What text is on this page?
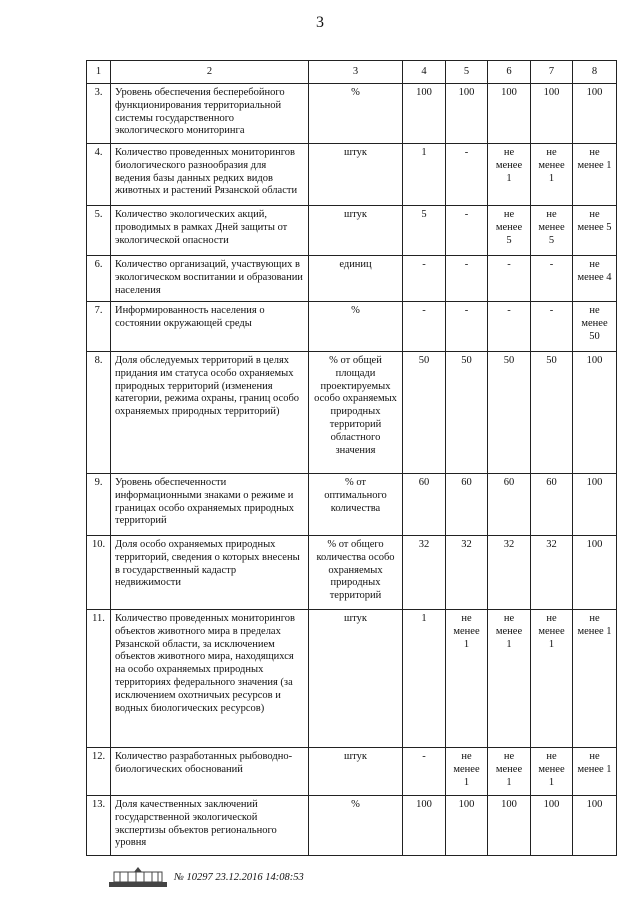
3
1	2	3	4	5	6	7	8
3.	Уровень обеспечения бесперебойного функционирования территориальной системы государственного экологического мониторинга	%	100	100	100	100	100
4.	Количество проведенных мониторингов биологического разнообразия для ведения базы данных редких видов животных и растений Рязанской области	штук	1	-	не менее 1	не менее 1	не менее 1
5.	Количество экологических акций, проводимых в рамках Дней защиты от экологической опасности	штук	5	-	не менее 5	не менее 5	не менее 5
6.	Количество организаций, участвующих в экологическом воспитании и образовании населения	единиц	-	-	-	-	не менее 4
7.	Информированность населения о состоянии окружающей среды	%	-	-	-	-	не менее 50
8.	Доля обследуемых территорий в целях придания им статуса особо охраняемых природных территорий (изменения категории, режима охраны, границ особо охраняемых природных территорий)	% от общей площади проектируемых особо охраняемых природных территорий областного значения	50	50	50	50	100
9.	Уровень обеспеченности информационными знаками о режиме и границах особо охраняемых природных территорий	% от оптимального количества	60	60	60	60	100
10.	Доля особо охраняемых природных территорий, сведения о которых внесены в государственный кадастр недвижимости	% от общего количества особо охраняемых природных территорий	32	32	32	32	100
11.	Количество проведенных мониторингов объектов животного мира в пределах Рязанской области, за исключением объектов животного мира, находящихся на особо охраняемых природных территориях федерального значения (за исключением охотничьих ресурсов и водных биологических ресурсов)	штук	1	не менее 1	не менее 1	не менее 1	не менее 1
12.	Количество разработанных рыбоводно-биологических обоснований	штук	-	не менее 1	не менее 1	не менее 1	не менее 1
13.	Доля качественных заключений государственной экологической экспертизы объектов регионального уровня	%	100	100	100	100	100
№ 10297 23.12.2016 14:08:53
